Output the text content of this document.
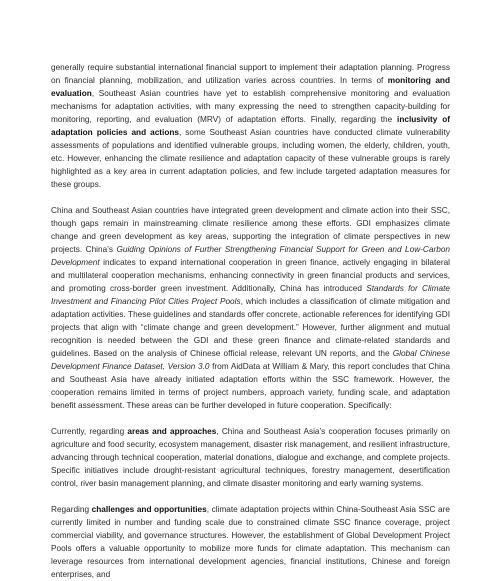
generally require substantial international financial support to implement their adaptation planning. Progress on financial planning, mobilization, and utilization varies across countries. In terms of monitoring and evaluation, Southeast Asian countries have yet to establish comprehensive monitoring and evaluation mechanisms for adaptation activities, with many expressing the need to strengthen capacity-building for monitoring, reporting, and evaluation (MRV) of adaptation efforts. Finally, regarding the inclusivity of adaptation policies and actions, some Southeast Asian countries have conducted climate vulnerability assessments of populations and identified vulnerable groups, including women, the elderly, children, youth, etc. However, enhancing the climate resilience and adaptation capacity of these vulnerable groups is rarely highlighted as a key area in current adaptation policies, and few include targeted adaptation measures for these groups.

China and Southeast Asian countries have integrated green development and climate action into their SSC, though gaps remain in mainstreaming climate resilience among these efforts. GDI emphasizes climate change and green development as key areas, supporting the integration of climate perspectives in new projects. China’s Guiding Opinions of Further Strengthening Financial Support for Green and Low-Carbon Development indicates to expand international cooperation in green finance, actively engaging in bilateral and multilateral cooperation mechanisms, enhancing connectivity in green financial products and services, and promoting cross-border green investment. Additionally, China has introduced Standards for Climate Investment and Financing Pilot Cities Project Pools, which includes a classification of climate mitigation and adaptation activities. These guidelines and standards offer concrete, actionable references for identifying GDI projects that align with “climate change and green development.” However, further alignment and mutual recognition is needed between the GDI and these green finance and climate-related standards and guidelines. Based on the analysis of Chinese official release, relevant UN reports, and the Global Chinese Development Finance Dataset, Version 3.0 from AidData at William & Mary, this report concludes that China and Southeast Asia have already initiated adaptation efforts within the SSC framework. However, the cooperation remains limited in terms of project numbers, approach variety, funding scale, and adaptation benefit assessment. These areas can be further developed in future cooperation. Specifically:

Currently, regarding areas and approaches, China and Southeast Asia’s cooperation focuses primarily on agriculture and food security, ecosystem management, disaster risk management, and resilient infrastructure, advancing through technical cooperation, material donations, dialogue and exchange, and complete projects. Specific initiatives include drought-resistant agricultural techniques, forestry management, desertification control, river basin management planning, and climate disaster monitoring and early warning systems.

Regarding challenges and opportunities, climate adaptation projects within China-Southeast Asia SSC are currently limited in number and funding scale due to constrained climate SSC finance coverage, project commercial viability, and governance structures. However, the establishment of Global Development Project Pools offers a valuable opportunity to mobilize more funds for climate adaptation. This mechanism can leverage resources from international development agencies, financial institutions, Chinese and foreign enterprises, and
